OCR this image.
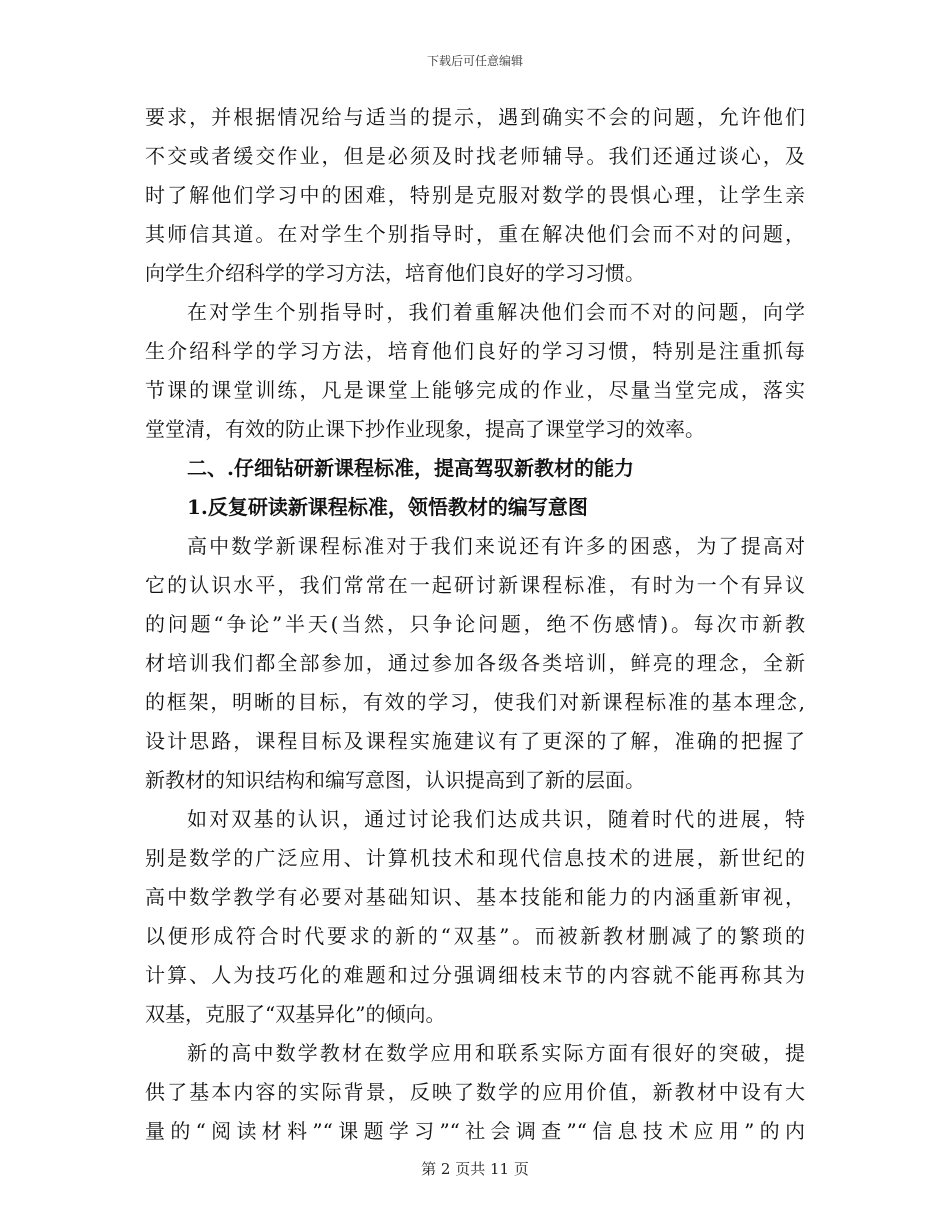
下载后可任意编辑
要求，并根据情况给与适当的提示，遇到确实不会的问题，允许他们
不交或者缓交作业，但是必须及时找老师辅导。我们还通过谈心，及
时了解他们学习中的困难，特别是克服对数学的畏惧心理，让学生亲
其师信其道。在对学生个别指导时，重在解决他们会而不对的问题，
向学生介绍科学的学习方法，培育他们良好的学习习惯。
在对学生个别指导时，我们着重解决他们会而不对的问题，向学
生介绍科学的学习方法，培育他们良好的学习习惯，特别是注重抓每
节课的课堂训练，凡是课堂上能够完成的作业，尽量当堂完成，落实
堂堂清，有效的防止课下抄作业现象，提高了课堂学习的效率。
二、.仔细钻研新课程标准，提高驾驭新教材的能力
1.反复研读新课程标准，领悟教材的编写意图
高中数学新课程标准对于我们来说还有许多的困惑，为了提高对
它的认识水平，我们常常在一起研讨新课程标准，有时为一个有异议
的问题“争论”半天(当然，只争论问题，绝不伤感情)。每次市新教
材培训我们都全部参加，通过参加各级各类培训，鲜亮的理念，全新
的框架，明晰的目标，有效的学习，使我们对新课程标准的基本理念,
设计思路，课程目标及课程实施建议有了更深的了解，准确的把握了
新教材的知识结构和编写意图，认识提高到了新的层面。
如对双基的认识，通过讨论我们达成共识，随着时代的进展，特
别是数学的广泛应用、计算机技术和现代信息技术的进展，新世纪的
高中数学教学有必要对基础知识、基本技能和能力的内涵重新审视，
以便形成符合时代要求的新的“双基”。而被新教材删减了的繁琐的
计算、人为技巧化的难题和过分强调细枝末节的内容就不能再称其为
双基，克服了“双基异化”的倾向。
新的高中数学教材在数学应用和联系实际方面有很好的突破，提
供了基本内容的实际背景，反映了数学的应用价值，新教材中设有大
量的“阅读材料”“课题学习”“社会调查”“信息技术应用”的内
第 2 页共 11 页
